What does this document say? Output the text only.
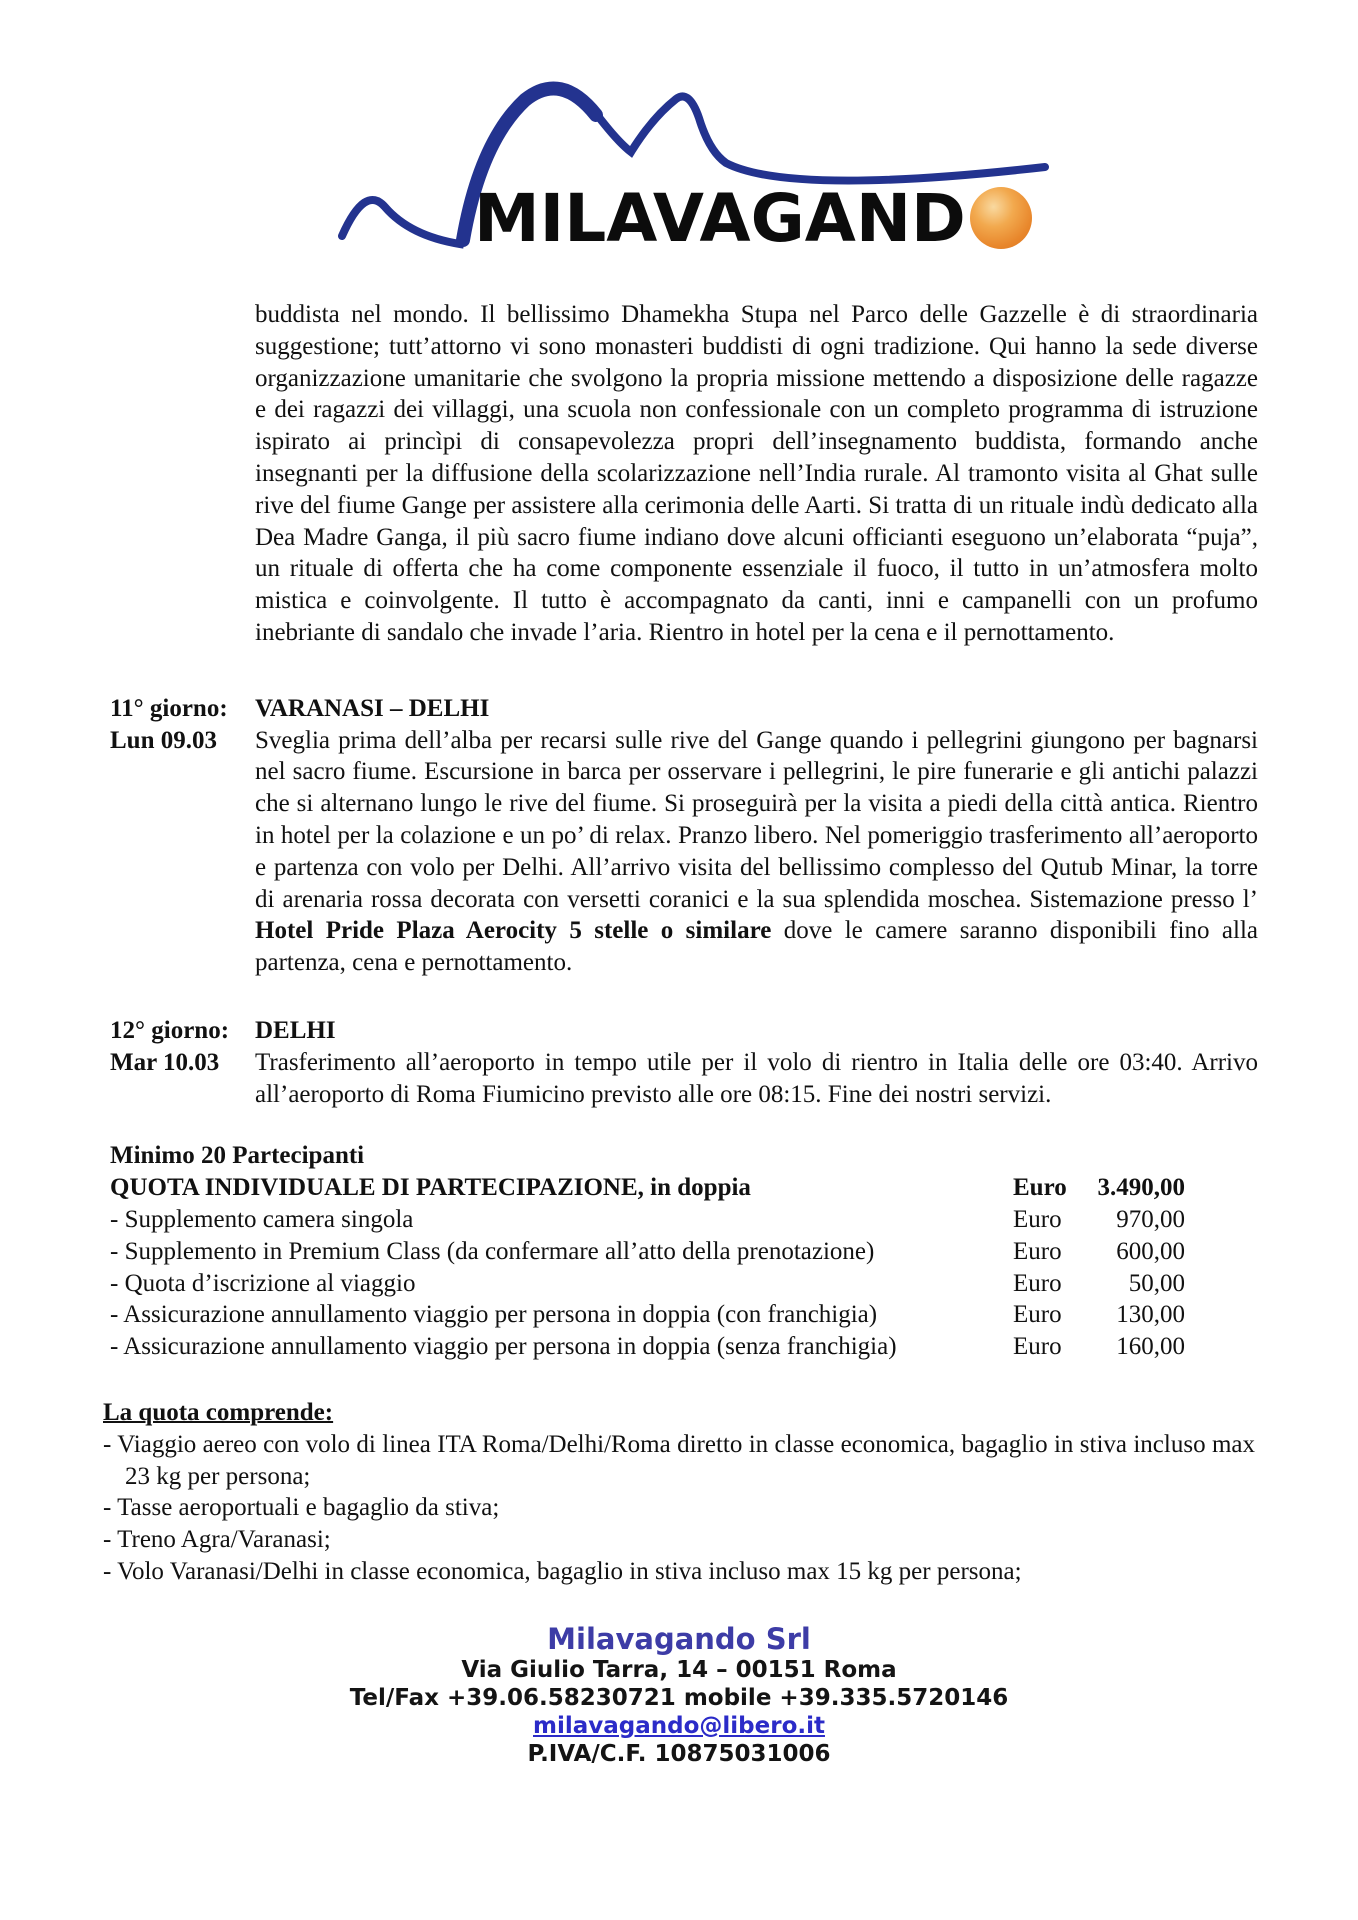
MILAVAGAND

buddista nel mondo. Il bellissimo Dhamekha Stupa nel Parco delle Gazzelle è di straordinaria suggestione; tutt’attorno vi sono monasteri buddisti di ogni tradizione. Qui hanno la sede diverse organizzazione umanitarie che svolgono la propria missione mettendo a disposizione delle ragazze e dei ragazzi dei villaggi, una scuola non confessionale con un completo programma di istruzione ispirato ai princìpi di consapevolezza propri dell’insegnamento buddista, formando anche insegnanti per la diffusione della scolarizzazione nell’India rurale. Al tramonto visita al Ghat sulle rive del fiume Gange per assistere alla cerimonia delle Aarti. Si tratta di un rituale indù dedicato alla Dea Madre Ganga, il più sacro fiume indiano dove alcuni officianti eseguono un’elaborata “puja”, un rituale di offerta che ha come componente essenziale il fuoco, il tutto in un’atmosfera molto mistica e coinvolgente. Il tutto è accompagnato da canti, inni e campanelli con un profumo inebriante di sandalo che invade l’aria. Rientro in hotel per la cena e il pernottamento.

11° giorno:
Lun 09.03
VARANASI – DELHI
Sveglia prima dell’alba per recarsi sulle rive del Gange quando i pellegrini giungono per bagnarsi nel sacro fiume. Escursione in barca per osservare i pellegrini, le pire funerarie e gli antichi palazzi che si alternano lungo le rive del fiume. Si proseguirà per la visita a piedi della città antica. Rientro in hotel per la colazione e un po’ di relax. Pranzo libero. Nel pomeriggio trasferimento all’aeroporto e partenza con volo per Delhi. All’arrivo visita del bellissimo complesso del Qutub Minar, la torre di arenaria rossa decorata con versetti coranici e la sua splendida moschea. Sistemazione presso l’ Hotel Pride Plaza Aerocity 5 stelle o similare dove le camere saranno disponibili fino alla partenza, cena e pernottamento.
12° giorno:
Mar 10.03
DELHI
Trasferimento all’aeroporto in tempo utile per il volo di rientro in Italia delle ore 03:40. Arrivo all’aeroporto di Roma Fiumicino previsto alle ore 08:15. Fine dei nostri servizi.
Minimo 20 Partecipanti
QUOTA INDIVIDUALE DI PARTECIPAZIONE, in doppia	Euro	3.490,00
- Supplemento camera singola	Euro	970,00
- Supplemento in Premium Class (da confermare all’atto della prenotazione)	Euro	600,00
- Quota d’iscrizione al viaggio	Euro	50,00
- Assicurazione annullamento viaggio per persona in doppia (con franchigia)	Euro	130,00
- Assicurazione annullamento viaggio per persona in doppia (senza franchigia)	Euro	160,00
La quota comprende:
- Viaggio aereo con volo di linea ITA Roma/Delhi/Roma diretto in classe economica, bagaglio in stiva incluso max 23 kg per persona;
- Tasse aeroportuali e bagaglio da stiva;
- Treno Agra/Varanasi;
- Volo Varanasi/Delhi in classe economica, bagaglio in stiva incluso max 15 kg per persona;
Milavagando Srl
Via Giulio Tarra, 14 – 00151 Roma
Tel/Fax +39.06.58230721 mobile +39.335.5720146
milavagando@libero.it
P.IVA/C.F. 10875031006
